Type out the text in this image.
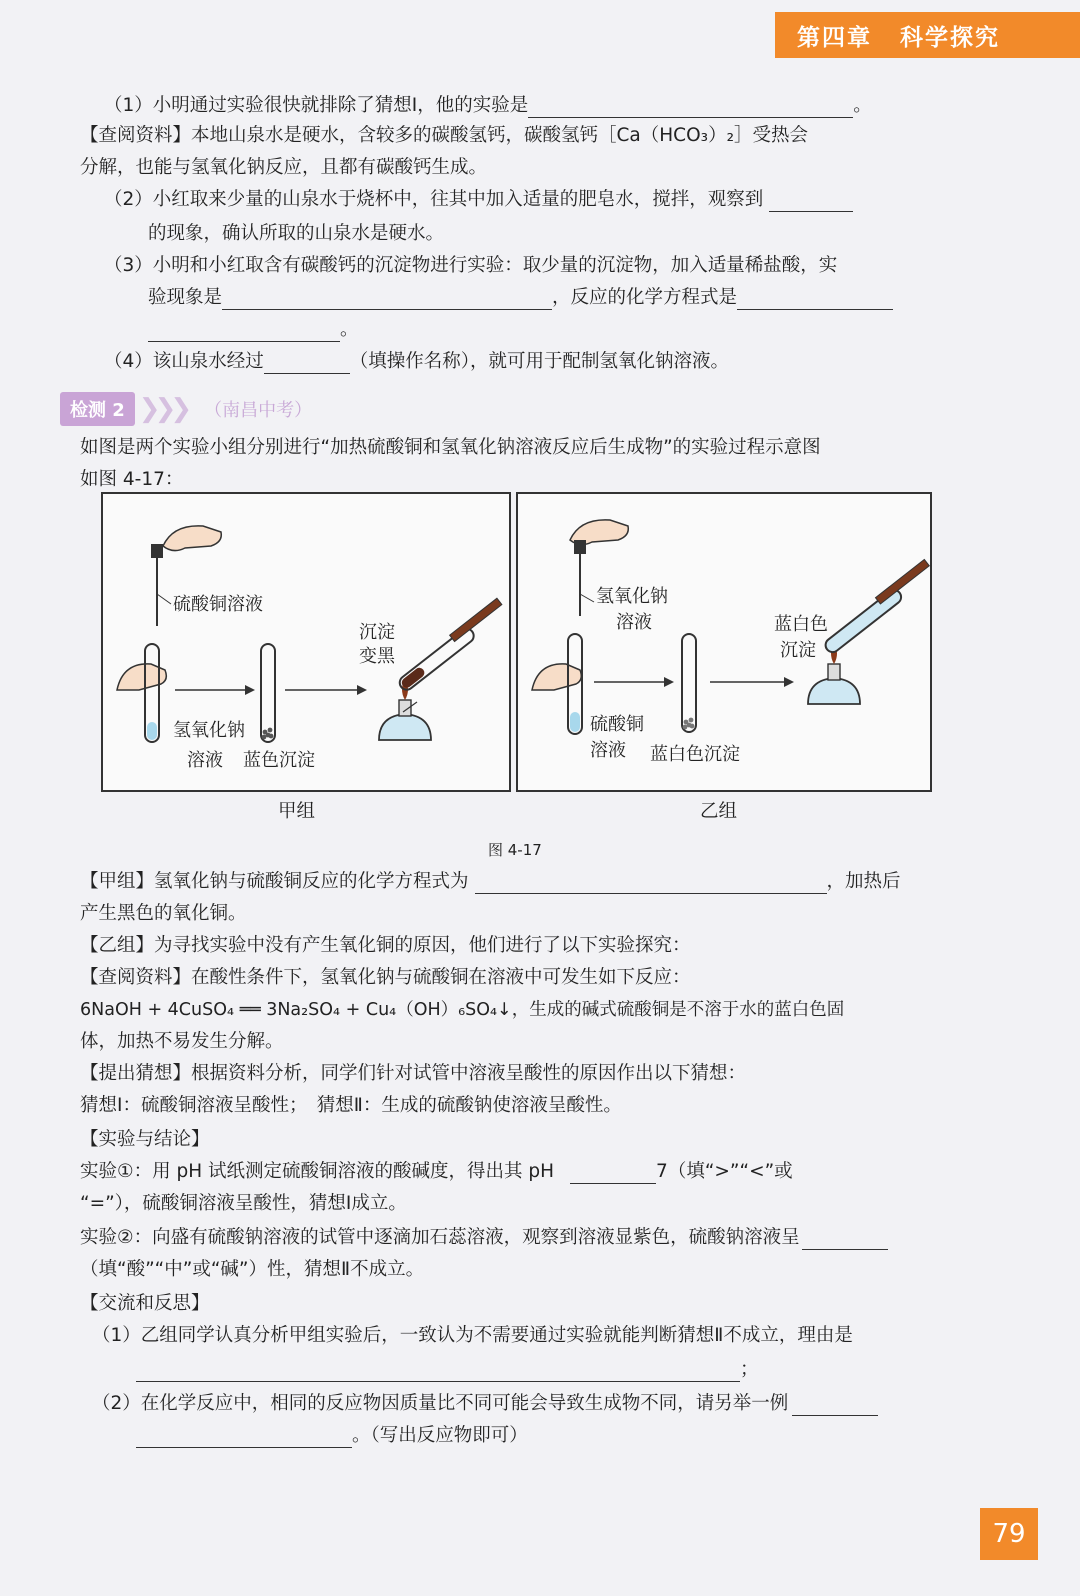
第四章 科学探究
（1）小明通过实验很快就排除了猜想Ⅰ，他的实验是	。
【查阅资料】本地山泉水是硬水，含较多的碳酸氢钙，碳酸氢钙［Ca（HCO₃）₂］受热会
分解，也能与氢氧化钠反应，且都有碳酸钙生成。
（2）小红取来少量的山泉水于烧杯中，往其中加入适量的肥皂水，搅拌，观察到
的现象，确认所取的山泉水是硬水。
（3）小明和小红取含有碳酸钙的沉淀物进行实验：取少量的沉淀物，加入适量稀盐酸，实
验现象是	，反应的化学方程式是
。
（4）该山泉水经过	（填操作名称），就可用于配制氢氧化钠溶液。
检测 2 ❯❯❯ （南昌中考）
如图是两个实验小组分别进行“加热硫酸铜和氢氧化钠溶液反应后生成物”的实验过程示意图
如图 4-17：
硫酸铜溶液
氢氧化钠
溶液 蓝色沉淀
沉淀
变黑
氢氧化钠
溶液
硫酸铜
溶液 蓝白色沉淀
蓝白色
沉淀
甲组	乙组
图 4-17
【甲组】氢氧化钠与硫酸铜反应的化学方程式为	，加热后
产生黑色的氧化铜。
【乙组】为寻找实验中没有产生氧化铜的原因，他们进行了以下实验探究：
【查阅资料】在酸性条件下，氢氧化钠与硫酸铜在溶液中可发生如下反应：
6NaOH + 4CuSO₄ ══ 3Na₂SO₄ + Cu₄（OH）₆SO₄↓，生成的碱式硫酸铜是不溶于水的蓝白色固
体，加热不易发生分解。
【提出猜想】根据资料分析，同学们针对试管中溶液呈酸性的原因作出以下猜想：
猜想Ⅰ：硫酸铜溶液呈酸性；　猜想Ⅱ：生成的硫酸钠使溶液呈酸性。
【实验与结论】
实验①：用 pH 试纸测定硫酸铜溶液的酸碱度，得出其 pH	7（填“>”“<”或
“=”），硫酸铜溶液呈酸性，猜想Ⅰ成立。
实验②：向盛有硫酸钠溶液的试管中逐滴加石蕊溶液，观察到溶液显紫色，硫酸钠溶液呈
（填“酸”“中”或“碱”）性，猜想Ⅱ不成立。
【交流和反思】
（1）乙组同学认真分析甲组实验后，一致认为不需要通过实验就能判断猜想Ⅱ不成立，理由是
；
（2）在化学反应中，相同的反应物因质量比不同可能会导致生成物不同，请另举一例
。（写出反应物即可）
79
